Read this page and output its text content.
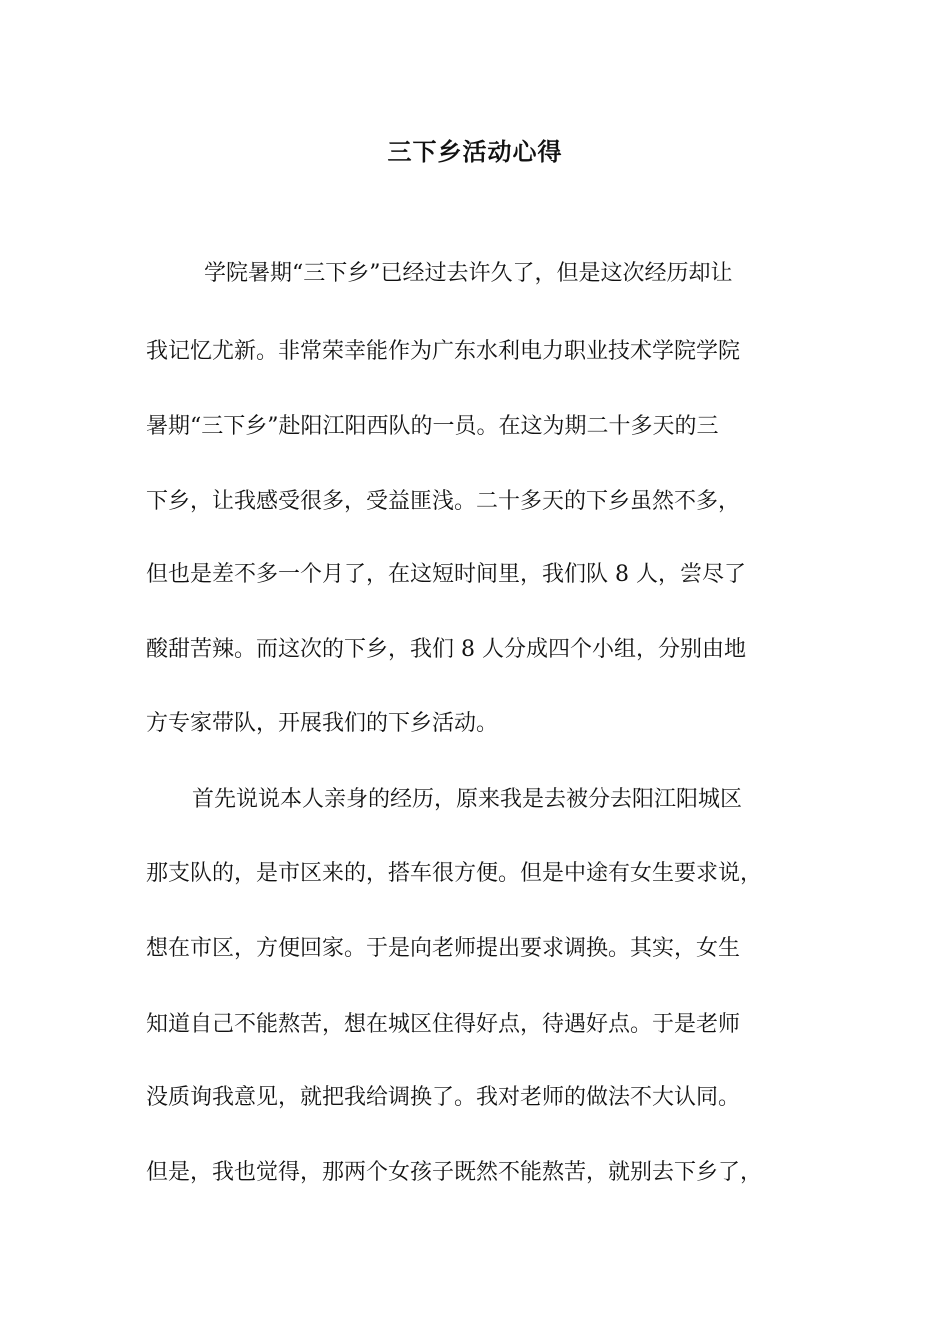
三下乡活动心得

学院暑期“三下乡”已经过去许久了，但是这次经历却让

我记忆尤新。非常荣幸能作为广东水利电力职业技术学院学院

暑期“三下乡”赴阳江阳西队的一员。在这为期二十多天的三

下乡，让我感受很多，受益匪浅。二十多天的下乡虽然不多，

但也是差不多一个月了，在这短时间里，我们队 8 人，尝尽了

酸甜苦辣。而这次的下乡，我们 8 人分成四个小组，分别由地

方专家带队，开展我们的下乡活动。

首先说说本人亲身的经历，原来我是去被分去阳江阳城区

那支队的，是市区来的，搭车很方便。但是中途有女生要求说，

想在市区，方便回家。于是向老师提出要求调换。其实，女生

知道自己不能熬苦，想在城区住得好点，待遇好点。于是老师

没质询我意见，就把我给调换了。我对老师的做法不大认同。

但是，我也觉得，那两个女孩子既然不能熬苦，就别去下乡了，
